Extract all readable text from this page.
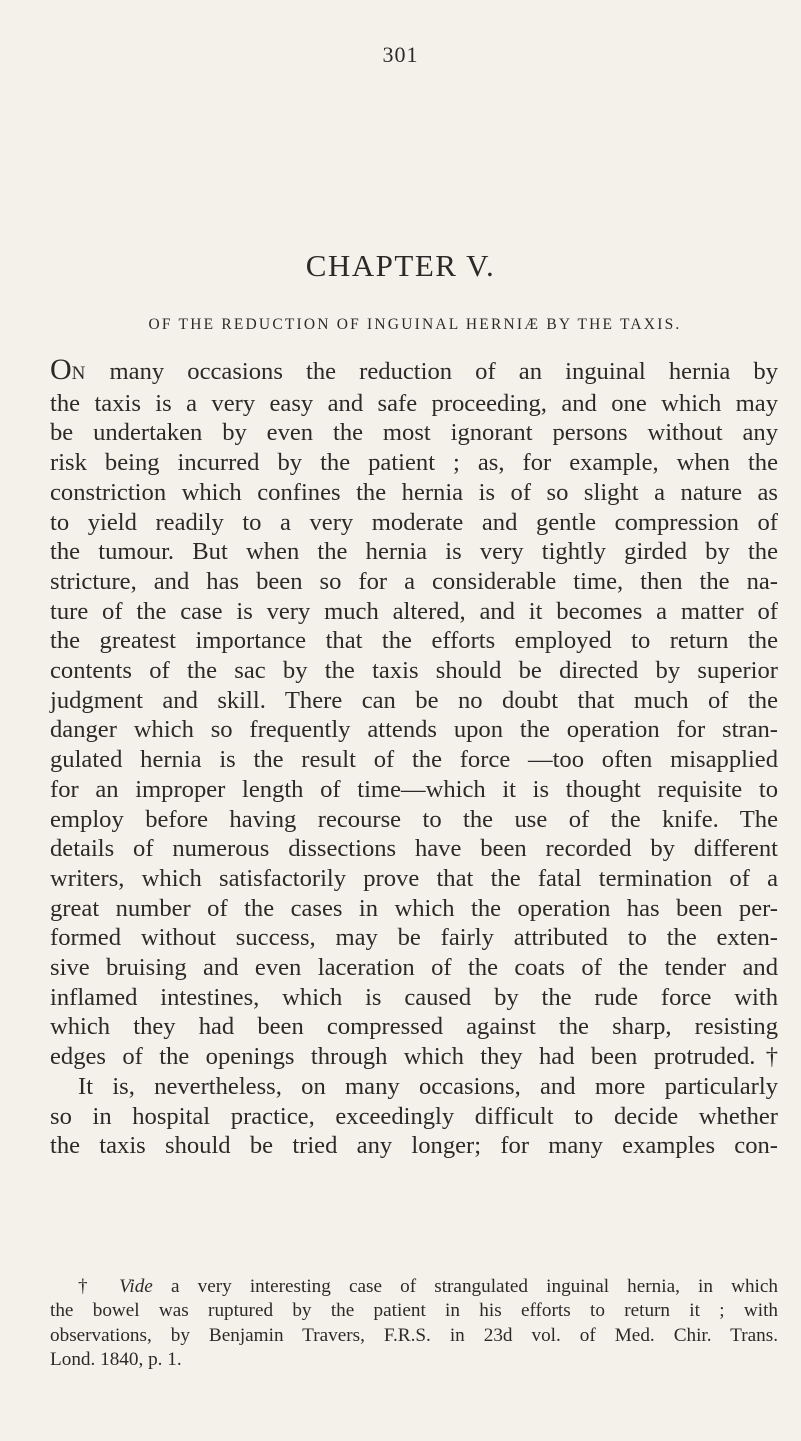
301
CHAPTER V.
OF THE REDUCTION OF INGUINAL HERNIÆ BY THE TAXIS.
ON many occasions the reduction of an inguinal hernia by
the taxis is a very easy and safe proceeding, and one which may
be undertaken by even the most ignorant persons without any
risk being incurred by the patient ; as, for example, when the
constriction which confines the hernia is of so slight a nature as
to yield readily to a very moderate and gentle compression of
the tumour. But when the hernia is very tightly girded by the
stricture, and has been so for a considerable time, then the na-
ture of the case is very much altered, and it becomes a matter of
the greatest importance that the efforts employed to return the
contents of the sac by the taxis should be directed by superior
judgment and skill. There can be no doubt that much of the
danger which so frequently attends upon the operation for stran-
gulated hernia is the result of the force —too often misapplied
for an improper length of time—which it is thought requisite to
employ before having recourse to the use of the knife. The
details of numerous dissections have been recorded by different
writers, which satisfactorily prove that the fatal termination of a
great number of the cases in which the operation has been per-
formed without success, may be fairly attributed to the exten-
sive bruising and even laceration of the coats of the tender and
inflamed intestines, which is caused by the rude force with
which they had been compressed against the sharp, resisting
edges of the openings through which they had been protruded.†
It is, nevertheless, on many occasions, and more particularly
so in hospital practice, exceedingly difficult to decide whether
the taxis should be tried any longer; for many examples con-
† Vide a very interesting case of strangulated inguinal hernia, in which
the bowel was ruptured by the patient in his efforts to return it ; with
observations, by Benjamin Travers, F.R.S. in 23d vol. of Med. Chir. Trans.
Lond. 1840, p. 1.
